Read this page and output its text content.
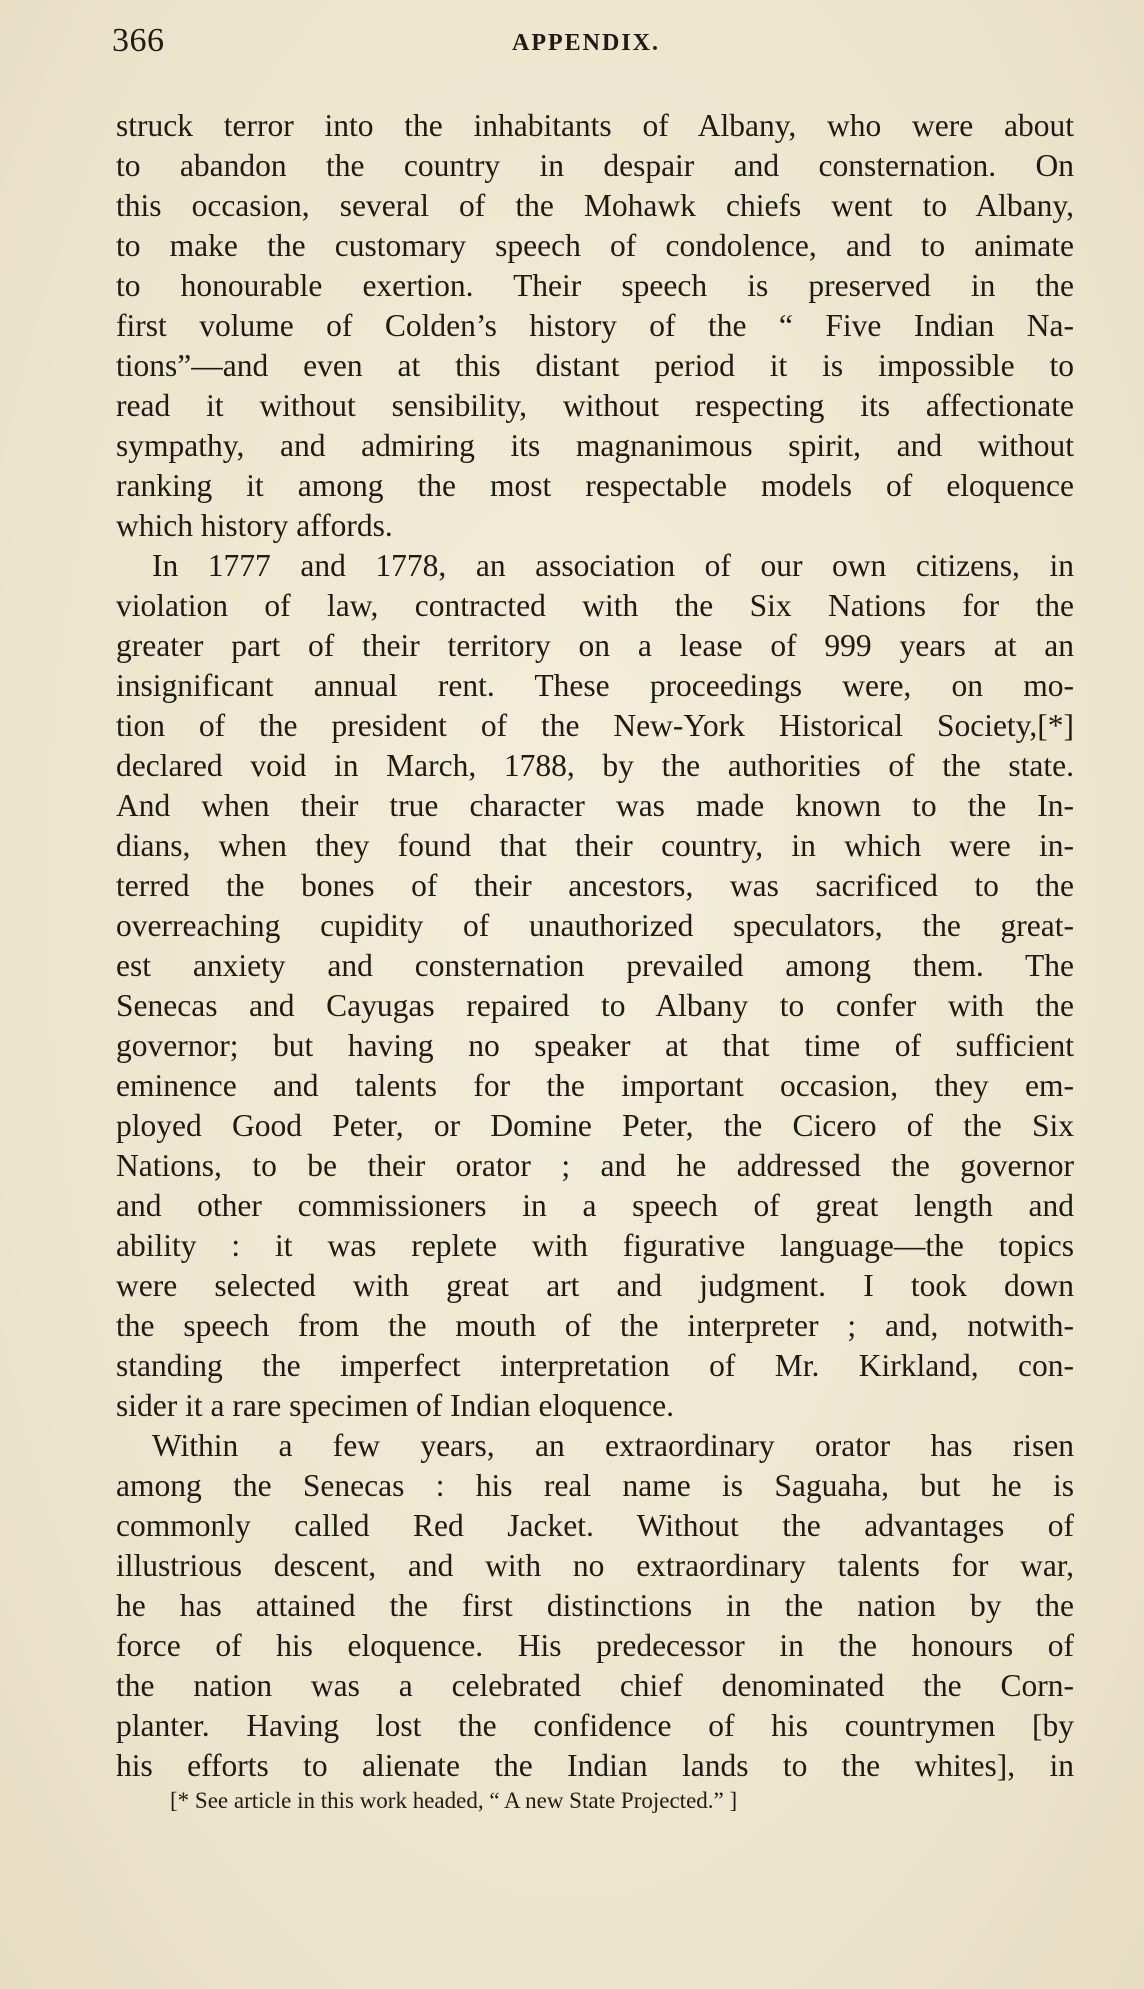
366	APPENDIX.
struck terror into the inhabitants of Albany, who were about
to abandon the country in despair and consternation. On
this occasion, several of the Mohawk chiefs went to Albany,
to make the customary speech of condolence, and to animate
to honourable exertion. Their speech is preserved in the
first volume of Colden’s history of the “ Five Indian Na-
tions”—and even at this distant period it is impossible to
read it without sensibility, without respecting its affectionate
sympathy, and admiring its magnanimous spirit, and without
ranking it among the most respectable models of eloquence
which history affords.
In 1777 and 1778, an association of our own citizens, in
violation of law, contracted with the Six Nations for the
greater part of their territory on a lease of 999 years at an
insignificant annual rent. These proceedings were, on mo-
tion of the president of the New-York Historical Society,[*]
declared void in March, 1788, by the authorities of the state.
And when their true character was made known to the In-
dians, when they found that their country, in which were in-
terred the bones of their ancestors, was sacrificed to the
overreaching cupidity of unauthorized speculators, the great-
est anxiety and consternation prevailed among them. The
Senecas and Cayugas repaired to Albany to confer with the
governor; but having no speaker at that time of sufficient
eminence and talents for the important occasion, they em-
ployed Good Peter, or Domine Peter, the Cicero of the Six
Nations, to be their orator ; and he addressed the governor
and other commissioners in a speech of great length and
ability : it was replete with figurative language—the topics
were selected with great art and judgment. I took down
the speech from the mouth of the interpreter ; and, notwith-
standing the imperfect interpretation of Mr. Kirkland, con-
sider it a rare specimen of Indian eloquence.
Within a few years, an extraordinary orator has risen
among the Senecas : his real name is Saguaha, but he is
commonly called Red Jacket. Without the advantages of
illustrious descent, and with no extraordinary talents for war,
he has attained the first distinctions in the nation by the
force of his eloquence. His predecessor in the honours of
the nation was a celebrated chief denominated the Corn-
planter. Having lost the confidence of his countrymen [by
his efforts to alienate the Indian lands to the whites], in
[* See article in this work headed, “ A new State Projected.” ]
